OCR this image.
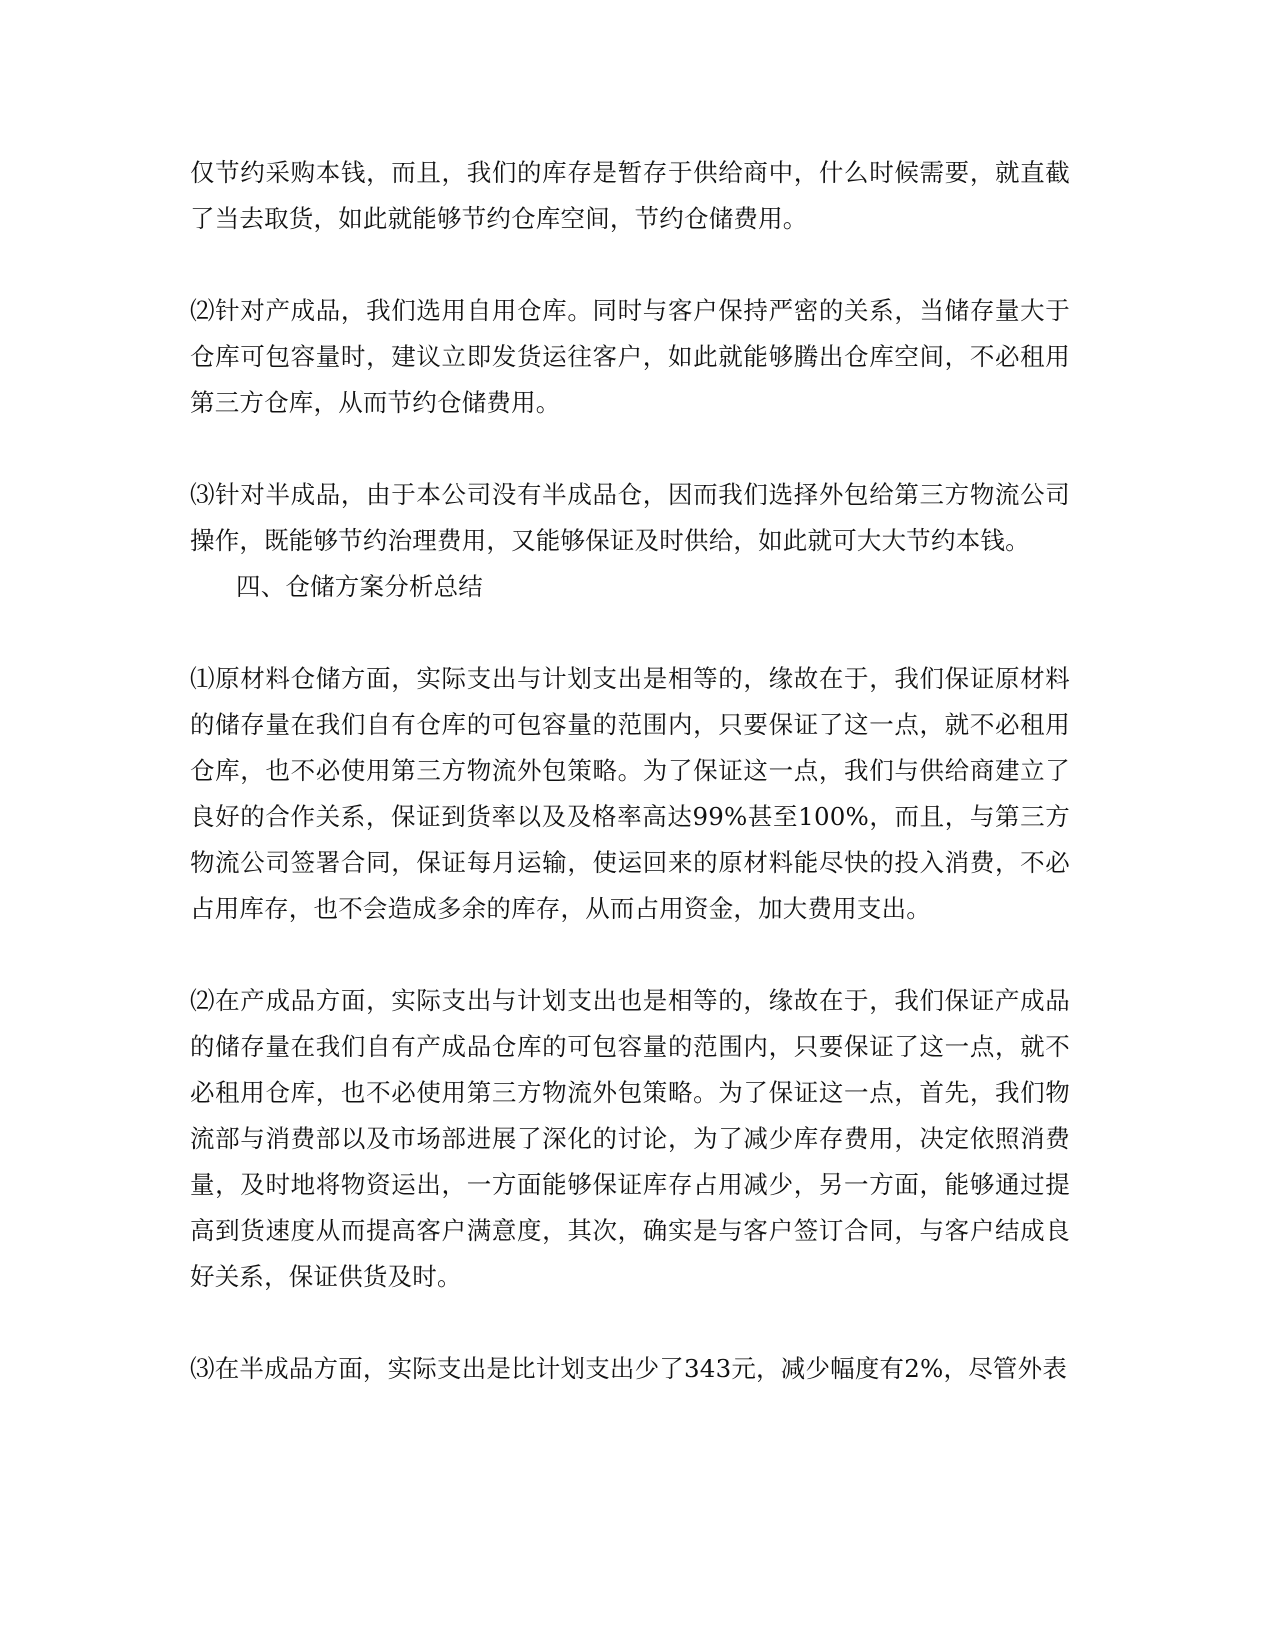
仅节约采购本钱，而且，我们的库存是暂存于供给商中，什么时候需要，就直截了当去取货，如此就能够节约仓库空间，节约仓储费用。

⑵针对产成品，我们选用自用仓库。同时与客户保持严密的关系，当储存量大于仓库可包容量时，建议立即发货运往客户，如此就能够腾出仓库空间，不必租用第三方仓库，从而节约仓储费用。

⑶针对半成品，由于本公司没有半成品仓，因而我们选择外包给第三方物流公司操作，既能够节约治理费用，又能够保证及时供给，如此就可大大节约本钱。

四、仓储方案分析总结

⑴原材料仓储方面，实际支出与计划支出是相等的，缘故在于，我们保证原材料的储存量在我们自有仓库的可包容量的范围内，只要保证了这一点，就不必租用仓库，也不必使用第三方物流外包策略。为了保证这一点，我们与供给商建立了良好的合作关系，保证到货率以及及格率高达99%甚至100%，而且，与第三方物流公司签署合同，保证每月运输，使运回来的原材料能尽快的投入消费，不必占用库存，也不会造成多余的库存，从而占用资金，加大费用支出。

⑵在产成品方面，实际支出与计划支出也是相等的，缘故在于，我们保证产成品的储存量在我们自有产成品仓库的可包容量的范围内，只要保证了这一点，就不必租用仓库，也不必使用第三方物流外包策略。为了保证这一点，首先，我们物流部与消费部以及市场部进展了深化的讨论，为了减少库存费用，决定依照消费量，及时地将物资运出，一方面能够保证库存占用减少，另一方面，能够通过提高到货速度从而提高客户满意度，其次，确实是与客户签订合同，与客户结成良好关系，保证供货及时。

⑶在半成品方面，实际支出是比计划支出少了343元，减少幅度有2%，尽管外表
